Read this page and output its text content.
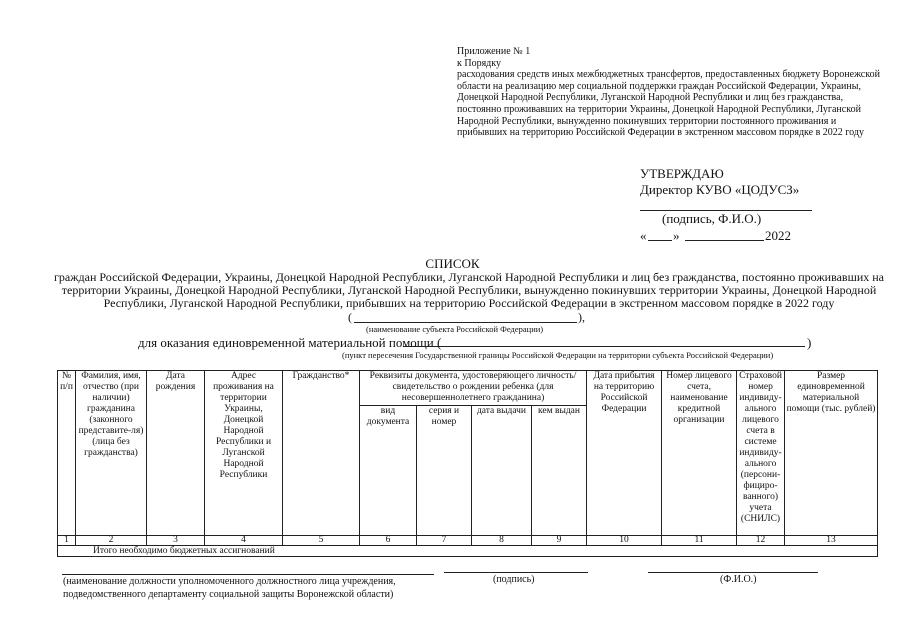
Приложение № 1
к Порядку
расходования средств иных межбюджетных трансфертов, предоставленных бюджету Воронежской области на реализацию мер социальной поддержки граждан Российской Федерации, Украины, Донецкой Народной Республики, Луганской Народной Республики и лиц без гражданства, постоянно проживавших на территории Украины, Донецкой Народной Республики, Луганской Народной Республики, вынужденно покинувших территории постоянного проживания и прибывших на территорию Российской Федерации в экстренном массовом порядке в 2022 году
УТВЕРЖДАЮ
Директор КУВО «ЦОДУСЗ»
(подпись, Ф.И.О.)
« »	2022
СПИСОК
граждан Российской Федерации, Украины, Донецкой Народной Республики, Луганской Народной Республики и лиц без гражданства, постоянно проживавших на территории Украины, Донецкой Народной Республики, Луганской Народной Республики, вынужденно покинувших территории Украины, Донецкой Народной Республики, Луганской Народной Республики, прибывших на территорию Российской Федерации в экстренном массовом порядке в 2022 году
(	),
(наименование субъекта Российской Федерации)
для оказания единовременной материальной помощи (	)
(пункт пересечения Государственной границы Российской Федерации на территории субъекта Российской Федерации)
№ п/п	Фамилия, имя, отчество (при наличии) гражданина (законного представите-ля) (лица без гражданства)	Дата рождения	Адрес проживания на территории Украины, Донецкой Народной Республики и Луганской Народной Республики	Гражданство*	Реквизиты документа, удостоверяющего личность/свидетельство о рождении ребенка (для несовершеннолетнего гражданина)				Дата прибытия на территорию Российской Федерации	Номер лицевого счета, наименование кредитной организации	Страховой номер индивиду-ального лицевого счета в системе индивиду-ального (персони-фициро-ванного) учета (СНИЛС)	Размер единовременной материальной помощи (тыс. рублей)
					вид документа	серия и номер	дата выдачи	кем выдан				
1	2	3	4	5	6	7	8	9	10	11	12	13
Итого необходимо бюджетных ассигнований												
(наименование должности уполномоченного должностного лица учреждения,
подведомственного департаменту социальной защиты Воронежской области)
(подпись)	(Ф.И.О.)
